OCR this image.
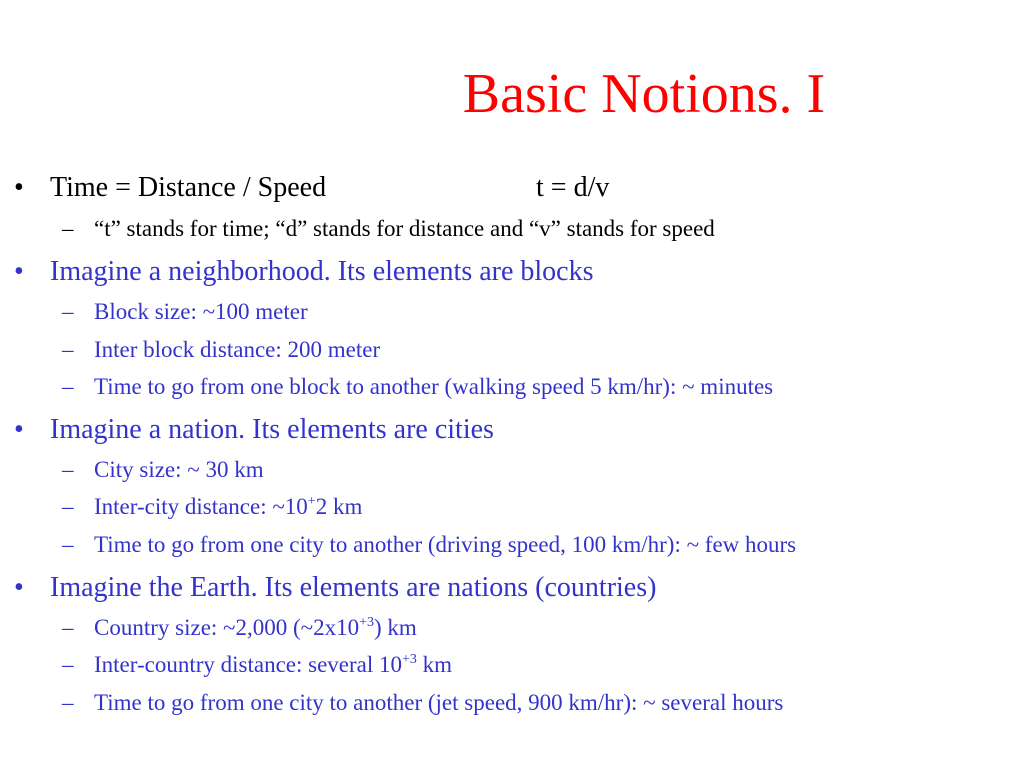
Basic Notions. I
• Time = Distance / Speed	t = d/v
– “t” stands for time; “d” stands for distance and “v” stands for speed
• Imagine a neighborhood. Its elements are blocks
– Block size: ~100 meter
– Inter block distance: 200 meter
– Time to go from one block to another (walking speed 5 km/hr): ~ minutes
• Imagine a nation. Its elements are cities
– City size: ~ 30 km
– Inter-city distance: ~10+2 km
– Time to go from one city to another (driving speed, 100 km/hr): ~ few hours
• Imagine the Earth. Its elements are nations (countries)
– Country size: ~2,000 $(\sim 2x10^{+3})$ km
– Inter-country distance: several $10^{+3}$ km
– Time to go from one city to another (jet speed, 900 km/hr): ~ several hours
